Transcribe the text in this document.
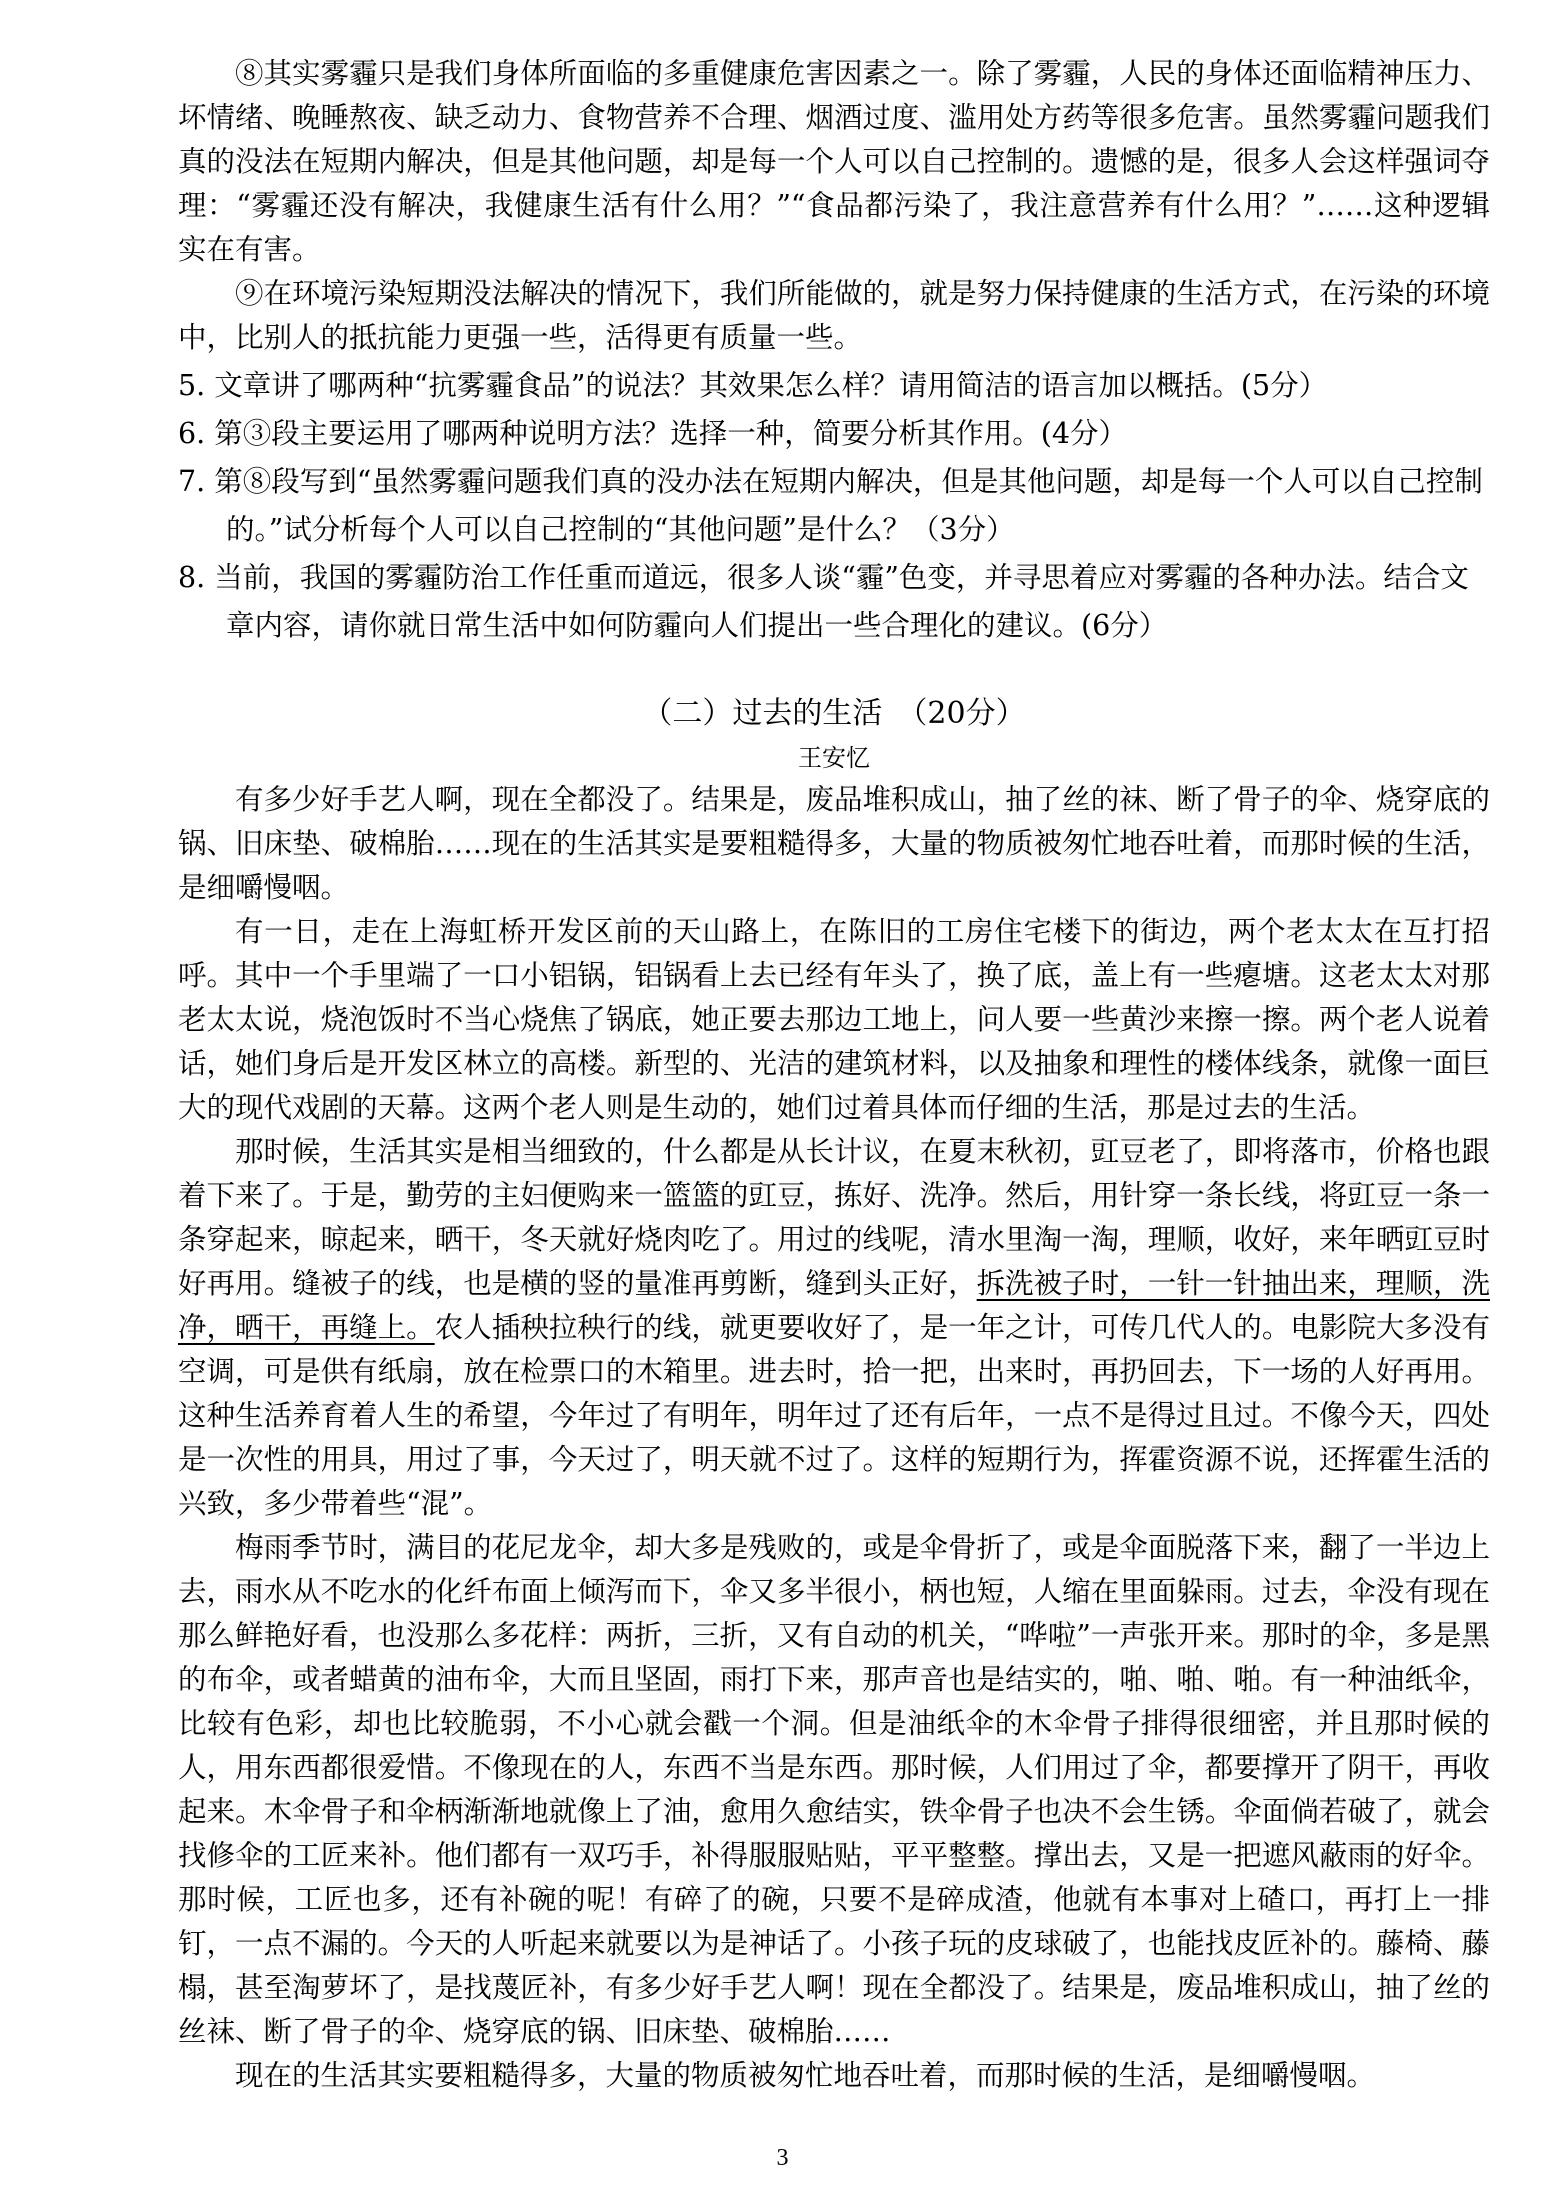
⑧其实雾霾只是我们身体所面临的多重健康危害因素之一。除了雾霾，人民的身体还面临精神压力、坏情绪、晚睡熬夜、缺乏动力、食物营养不合理、烟酒过度、滥用处方药等很多危害。虽然雾霾问题我们真的没法在短期内解决，但是其他问题，却是每一个人可以自己控制的。遗憾的是，很多人会这样强词夺理：“雾霾还没有解决，我健康生活有什么用？”“食品都污染了，我注意营养有什么用？”……这种逻辑实在有害。

⑨在环境污染短期没法解决的情况下，我们所能做的，就是努力保持健康的生活方式，在污染的环境中，比别人的抵抗能力更强一些，活得更有质量一些。

5. 文章讲了哪两种“抗雾霾食品”的说法？其效果怎么样？请用简洁的语言加以概括。(5分）

6. 第③段主要运用了哪两种说明方法？选择一种，简要分析其作用。(4分）

7. 第⑧段写到“虽然雾霾问题我们真的没办法在短期内解决，但是其他问题，却是每一个人可以自己控制的。”试分析每个人可以自己控制的“其他问题”是什么？（3分）

8. 当前，我国的雾霾防治工作任重而道远，很多人谈“霾”色变，并寻思着应对雾霾的各种办法。结合文章内容，请你就日常生活中如何防霾向人们提出一些合理化的建议。(6分）

（二）过去的生活　（20分）

王安忆

有多少好手艺人啊，现在全都没了。结果是，废品堆积成山，抽了丝的袜、断了骨子的伞、烧穿底的锅、旧床垫、破棉胎……现在的生活其实是要粗糙得多，大量的物质被匆忙地吞吐着，而那时候的生活，是细嚼慢咽。

有一日，走在上海虹桥开发区前的天山路上，在陈旧的工房住宅楼下的街边，两个老太太在互打招呼。其中一个手里端了一口小铝锅，铝锅看上去已经有年头了，换了底，盖上有一些瘪塘。这老太太对那老太太说，烧泡饭时不当心烧焦了锅底，她正要去那边工地上，问人要一些黄沙来擦一擦。两个老人说着话，她们身后是开发区林立的高楼。新型的、光洁的建筑材料，以及抽象和理性的楼体线条，就像一面巨大的现代戏剧的天幕。这两个老人则是生动的，她们过着具体而仔细的生活，那是过去的生活。

那时候，生活其实是相当细致的，什么都是从长计议，在夏末秋初，豇豆老了，即将落市，价格也跟着下来了。于是，勤劳的主妇便购来一篮篮的豇豆，拣好、洗净。然后，用针穿一条长线，将豇豆一条一条穿起来，晾起来，晒干，冬天就好烧肉吃了。用过的线呢，清水里淘一淘，理顺，收好，来年晒豇豆时好再用。缝被子的线，也是横的竖的量准再剪断，缝到头正好，拆洗被子时，一针一针抽出来，理顺，洗净，晒干，再缝上。农人插秧拉秧行的线，就更要收好了，是一年之计，可传几代人的。电影院大多没有空调，可是供有纸扇，放在检票口的木箱里。进去时，拾一把，出来时，再扔回去，下一场的人好再用。这种生活养育着人生的希望，今年过了有明年，明年过了还有后年，一点不是得过且过。不像今天，四处是一次性的用具，用过了事，今天过了，明天就不过了。这样的短期行为，挥霍资源不说，还挥霍生活的兴致，多少带着些“混”。

梅雨季节时，满目的花尼龙伞，却大多是残败的，或是伞骨折了，或是伞面脱落下来，翻了一半边上去，雨水从不吃水的化纤布面上倾泻而下，伞又多半很小，柄也短，人缩在里面躲雨。过去，伞没有现在那么鲜艳好看，也没那么多花样：两折，三折，又有自动的机关，“哗啦”一声张开来。那时的伞，多是黑的布伞，或者蜡黄的油布伞，大而且坚固，雨打下来，那声音也是结实的，啪、啪、啪。有一种油纸伞，比较有色彩，却也比较脆弱，不小心就会戳一个洞。但是油纸伞的木伞骨子排得很细密，并且那时候的人，用东西都很爱惜。不像现在的人，东西不当是东西。那时候，人们用过了伞，都要撑开了阴干，再收起来。木伞骨子和伞柄渐渐地就像上了油，愈用久愈结实，铁伞骨子也决不会生锈。伞面倘若破了，就会找修伞的工匠来补。他们都有一双巧手，补得服服贴贴，平平整整。撑出去，又是一把遮风蔽雨的好伞。那时候，工匠也多，还有补碗的呢！有碎了的碗，只要不是碎成渣，他就有本事对上碴口，再打上一排钉，一点不漏的。今天的人听起来就要以为是神话了。小孩子玩的皮球破了，也能找皮匠补的。藤椅、藤榻，甚至淘萝坏了，是找蔑匠补，有多少好手艺人啊！现在全都没了。结果是，废品堆积成山，抽了丝的丝袜、断了骨子的伞、烧穿底的锅、旧床垫、破棉胎……

现在的生活其实要粗糙得多，大量的物质被匆忙地吞吐着，而那时候的生活，是细嚼慢咽。

3
